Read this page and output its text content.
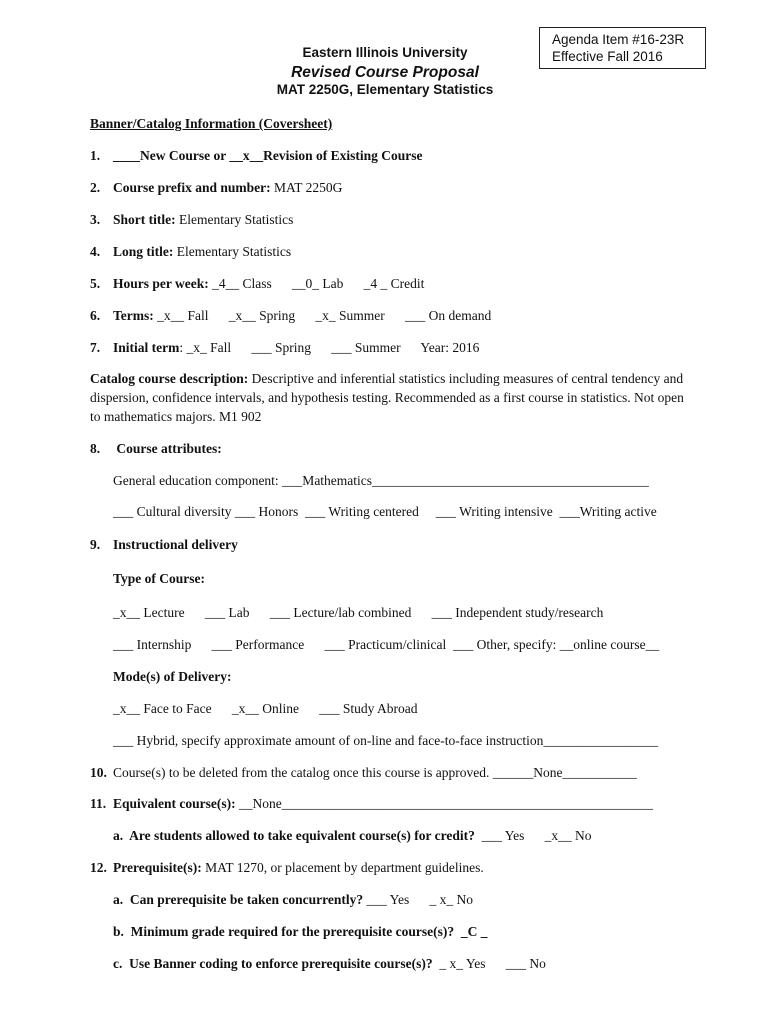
Agenda Item #16-23R
Effective Fall 2016
Eastern Illinois University
Revised Course Proposal
MAT 2250G, Elementary Statistics
Banner/Catalog Information (Coversheet)
1. ____New Course or __x__Revision of Existing Course
2. Course prefix and number: MAT 2250G
3. Short title: Elementary Statistics
4. Long title: Elementary Statistics
5. Hours per week: _4__ Class      __0_ Lab      _4 _ Credit
6. Terms: _x__ Fall      _x__ Spring      _x_ Summer      ___ On demand
7. Initial term: _x_ Fall      ___ Spring      ___ Summer      Year: 2016
Catalog course description: Descriptive and inferential statistics including measures of central tendency and dispersion, confidence intervals, and hypothesis testing. Recommended as a first course in statistics. Not open to mathematics majors. M1 902
8. Course attributes:
General education component: ___Mathematics_________________________________________
___ Cultural diversity ___ Honors  ___ Writing centered     ___ Writing intensive  ___Writing active
9. Instructional delivery
Type of Course:
_x__ Lecture      ___ Lab      ___ Lecture/lab combined      ___ Independent study/research
___ Internship      ___ Performance      ___ Practicum/clinical  ___ Other, specify: __online course__
Mode(s) of Delivery:
_x__ Face to Face      _x__ Online      ___ Study Abroad
___ Hybrid, specify approximate amount of on-line and face-to-face instruction_________________
10. Course(s) to be deleted from the catalog once this course is approved. ______None___________
11. Equivalent course(s): __None_______________________________________________________
a.  Are students allowed to take equivalent course(s) for credit?  ___ Yes      _x__ No
12. Prerequisite(s): MAT 1270, or placement by department guidelines.
a.  Can prerequisite be taken concurrently? ___ Yes      _ x_ No
b.  Minimum grade required for the prerequisite course(s)?  _C _
c.  Use Banner coding to enforce prerequisite course(s)?  _ x_ Yes      ___ No
